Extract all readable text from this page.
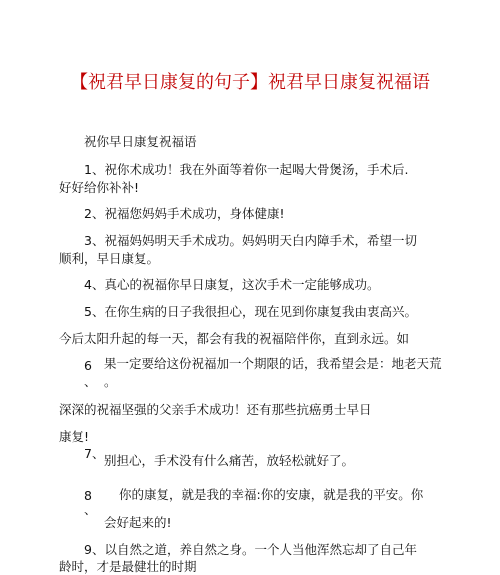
【祝君早日康复的句子】祝君早日康复祝福语
祝你早日康复祝福语
1、祝你术成功！我在外面等着你一起喝大骨煲汤，手术后.
好好给你补补!
2、祝福您妈妈手术成功，身体健康!
3、祝福妈妈明天手术成功。妈妈明天白内障手术，希望一切
顺利，早日康复。
4、真心的祝福你早日康复，这次手术一定能够成功。
5、在你生病的日子我很担心，现在见到你康复我由衷高兴。
今后太阳升起的每一天，都会有我的祝福陪伴你，直到永远。如
6
、
果一定要给这份祝福加一个期限的话，我希望会是：地老天荒
。
深深的祝福坚强的父亲手术成功！还有那些抗癌勇士早日
康复!
7、 别担心，手术没有什么痛苦，放轻松就好了。
8
、
你的康复，就是我的幸福:你的安康，就是我的平安。你
会好起来的!
9、以自然之道，养自然之身。一个人当他浑然忘却了自己年
龄时，才是最健壮的时期
